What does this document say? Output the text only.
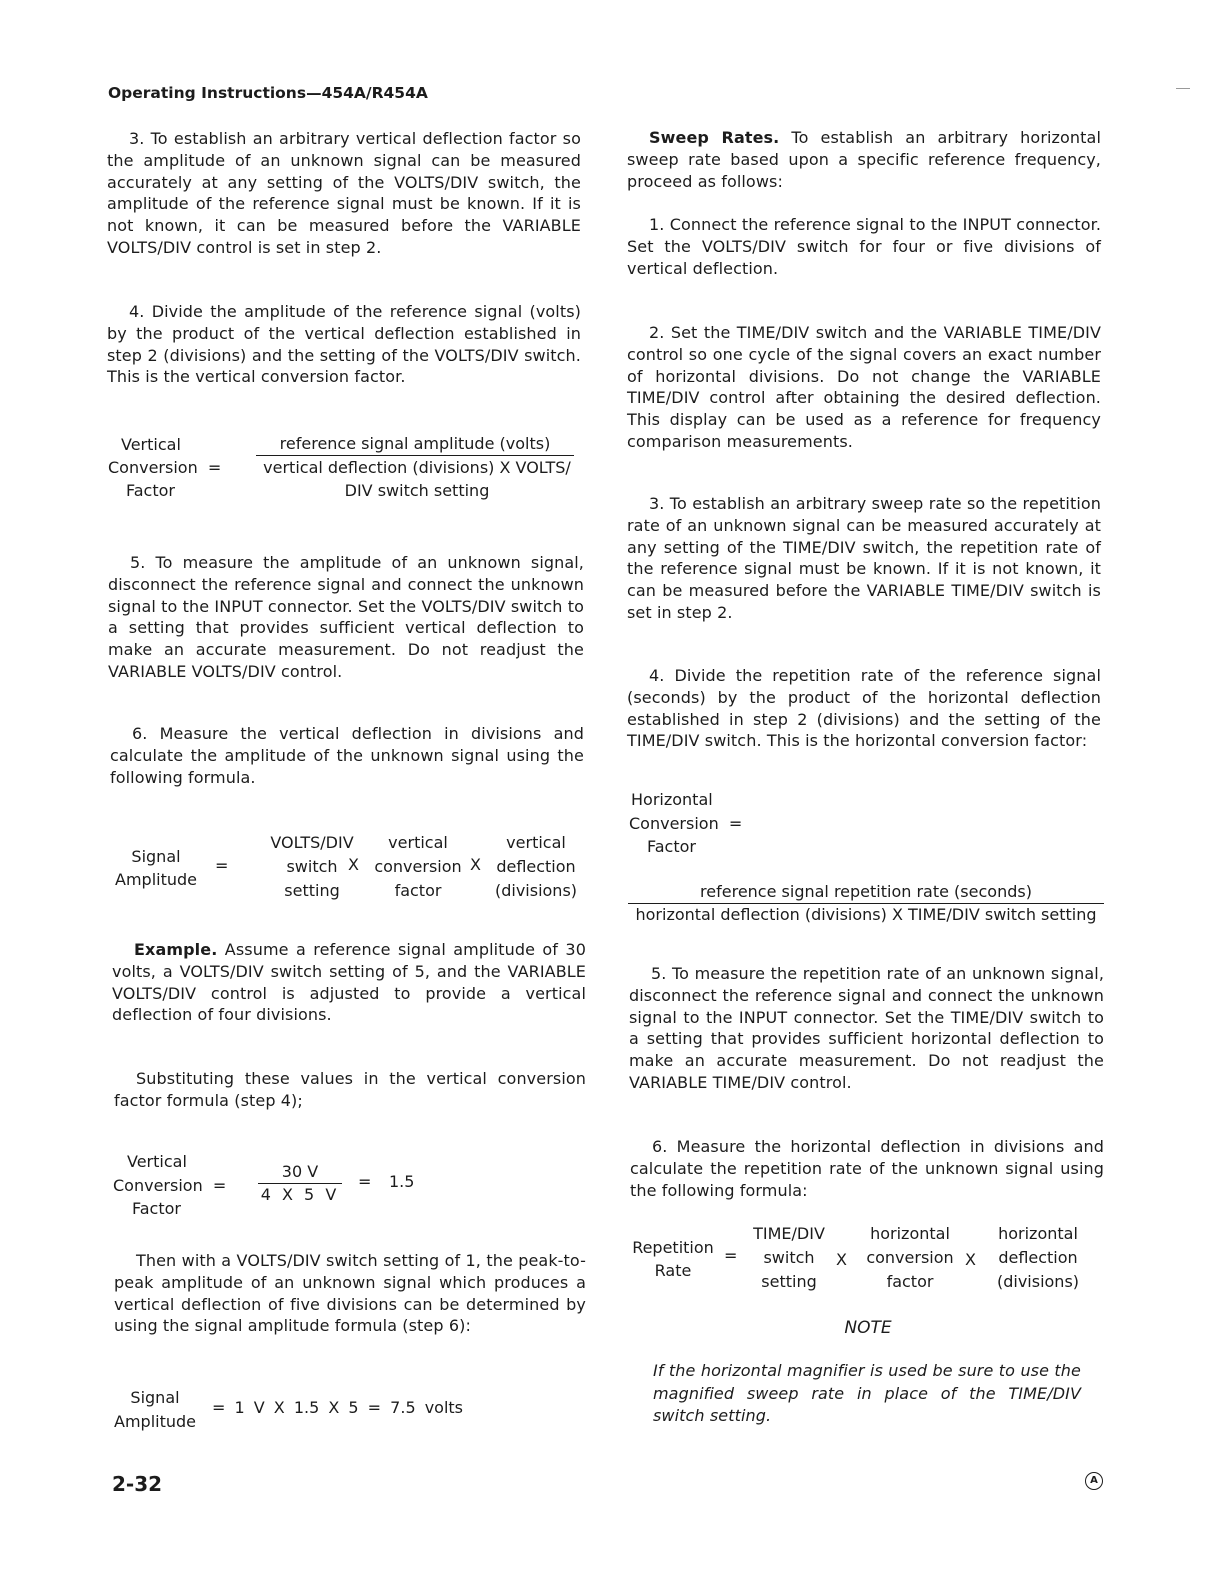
Operating Instructions—454A/R454A

3. To establish an arbitrary vertical deflection factor so the amplitude of an unknown signal can be measured accurately at any setting of the VOLTS/DIV switch, the amplitude of the reference signal must be known. If it is not known, it can be measured before the VARIABLE VOLTS/DIV control is set in step 2.

4. Divide the amplitude of the reference signal (volts) by the product of the vertical deflection established in step 2 (divisions) and the setting of the VOLTS/DIV switch. This is the vertical conversion factor.

Vertical
Conversion =
Factor
reference signal amplitude (volts)
vertical deflection (divisions) X VOLTS/
DIV switch setting

5. To measure the amplitude of an unknown signal, disconnect the reference signal and connect the unknown signal to the INPUT connector. Set the VOLTS/DIV switch to a setting that provides sufficient vertical deflection to make an accurate measurement. Do not readjust the VARIABLE VOLTS/DIV control.

6. Measure the vertical deflection in divisions and calculate the amplitude of the unknown signal using the following formula.

Signal
Amplitude
=
VOLTS/DIV
switch
setting
X
vertical
conversion
factor
X
vertical
deflection
(divisions)

Example. Assume a reference signal amplitude of 30 volts, a VOLTS/DIV switch setting of 5, and the VARIABLE VOLTS/DIV control is adjusted to provide a vertical deflection of four divisions.

Substituting these values in the vertical conversion factor formula (step 4);

Vertical
Conversion =
Factor
$\frac{30 V}{4 X 5 V} = 1.5$

Then with a VOLTS/DIV switch setting of 1, the peak-to-peak amplitude of an unknown signal which produces a vertical deflection of five divisions can be determined by using the signal amplitude formula (step 6):

Signal
Amplitude
= 1 V X 1.5 X 5 = 7.5 volts

Sweep Rates. To establish an arbitrary horizontal sweep rate based upon a specific reference frequency, proceed as follows:

1. Connect the reference signal to the INPUT connector. Set the VOLTS/DIV switch for four or five divisions of vertical deflection.

2. Set the TIME/DIV switch and the VARIABLE TIME/DIV control so one cycle of the signal covers an exact number of horizontal divisions. Do not change the VARIABLE TIME/DIV control after obtaining the desired deflection. This display can be used as a reference for frequency comparison measurements.

3. To establish an arbitrary sweep rate so the repetition rate of an unknown signal can be measured accurately at any setting of the TIME/DIV switch, the repetition rate of the reference signal must be known. If it is not known, it can be measured before the VARIABLE TIME/DIV switch is set in step 2.

4. Divide the repetition rate of the reference signal (seconds) by the product of the horizontal deflection established in step 2 (divisions) and the setting of the TIME/DIV switch. This is the horizontal conversion factor:

Horizontal
Conversion =
Factor
reference signal repetition rate (seconds)
horizontal deflection (divisions) X TIME/DIV switch setting

5. To measure the repetition rate of an unknown signal, disconnect the reference signal and connect the unknown signal to the INPUT connector. Set the TIME/DIV switch to a setting that provides sufficient horizontal deflection to make an accurate measurement. Do not readjust the VARIABLE TIME/DIV control.

6. Measure the horizontal deflection in divisions and calculate the repetition rate of the unknown signal using the following formula:

Repetition
Rate
=
TIME/DIV
switch
setting
X
horizontal
conversion
factor
X
horizontal
deflection
(divisions)
NOTE

If the horizontal magnifier is used be sure to use the magnified sweep rate in place of the TIME/DIV switch setting.

2-32	A
